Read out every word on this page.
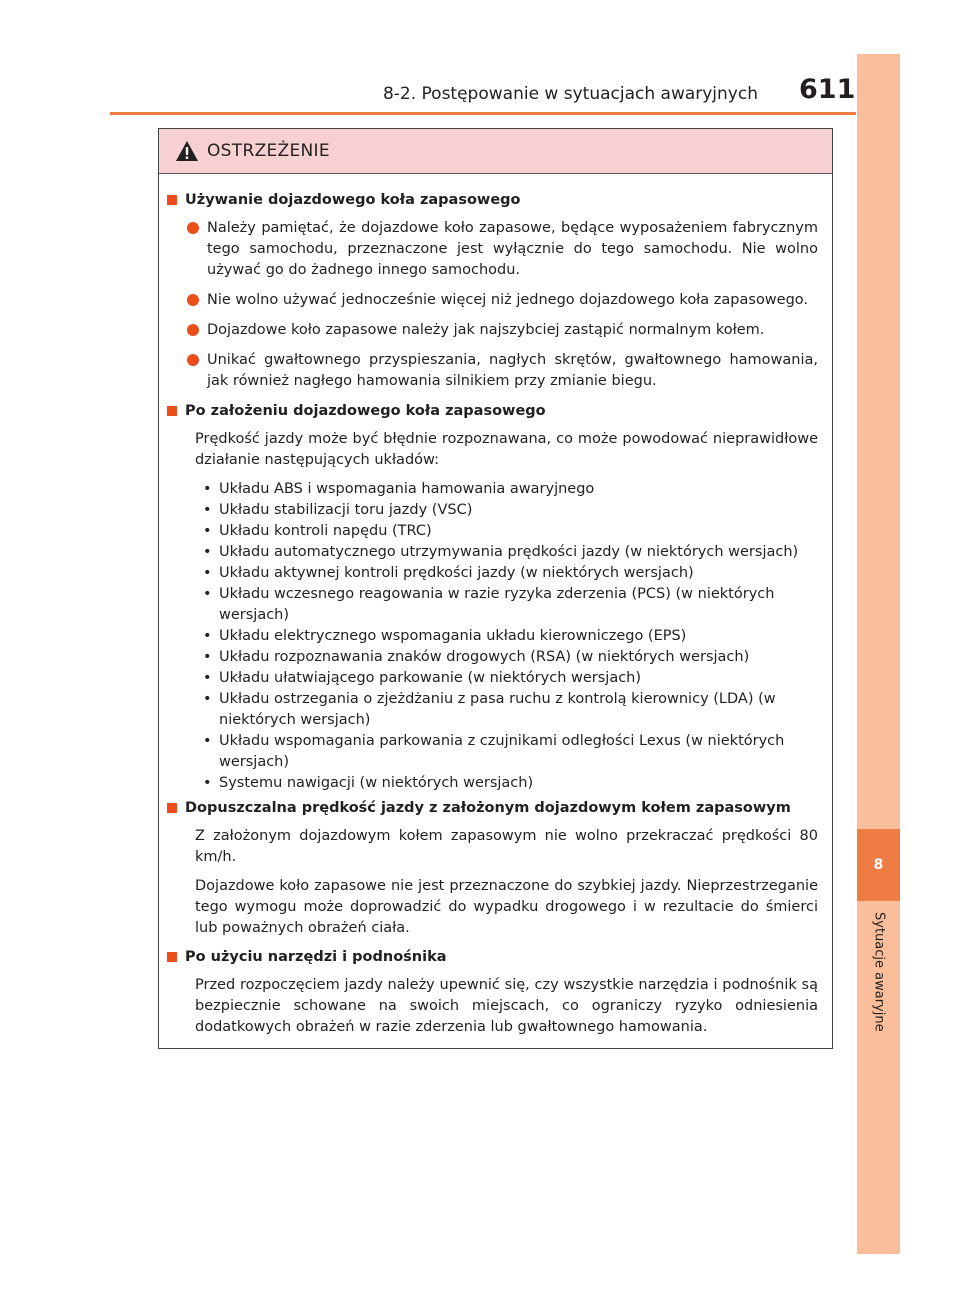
8
Sytuacje awaryjne
8-2. Postępowanie w sytuacjach awaryjnych 611
OSTRZEŻENIE
Używanie dojazdowego koła zapasowego
Należy pamiętać, że dojazdowe koło zapasowe, będące wyposażeniem fabrycznym tego samochodu, przeznaczone jest wyłącznie do tego samochodu. Nie wolno używać go do żadnego innego samochodu.
Nie wolno używać jednocześnie więcej niż jednego dojazdowego koła zapasowego.
Dojazdowe koło zapasowe należy jak najszybciej zastąpić normalnym kołem.
Unikać gwałtownego przyspieszania, nagłych skrętów, gwałtownego hamowania, jak również nagłego hamowania silnikiem przy zmianie biegu.
Po założeniu dojazdowego koła zapasowego
Prędkość jazdy może być błędnie rozpoznawana, co może powodować nieprawidłowe działanie następujących układów:
• Układu ABS i wspomagania hamowania awaryjnego
• Układu stabilizacji toru jazdy (VSC)
• Układu kontroli napędu (TRC)
• Układu automatycznego utrzymywania prędkości jazdy (w niektórych wersjach)
• Układu aktywnej kontroli prędkości jazdy (w niektórych wersjach)
• Układu wczesnego reagowania w razie ryzyka zderzenia (PCS) (w niektórych wersjach)
• Układu elektrycznego wspomagania układu kierowniczego (EPS)
• Układu rozpoznawania znaków drogowych (RSA) (w niektórych wersjach)
• Układu ułatwiającego parkowanie (w niektórych wersjach)
• Układu ostrzegania o zjeżdżaniu z pasa ruchu z kontrolą kierownicy (LDA) (w niektórych wersjach)
• Układu wspomagania parkowania z czujnikami odległości Lexus (w niektórych wersjach)
• Systemu nawigacji (w niektórych wersjach)
Dopuszczalna prędkość jazdy z założonym dojazdowym kołem zapasowym
Z założonym dojazdowym kołem zapasowym nie wolno przekraczać prędkości 80 km/h.
Dojazdowe koło zapasowe nie jest przeznaczone do szybkiej jazdy. Nieprzestrzeganie tego wymogu może doprowadzić do wypadku drogowego i w rezultacie do śmierci lub poważnych obrażeń ciała.
Po użyciu narzędzi i podnośnika
Przed rozpoczęciem jazdy należy upewnić się, czy wszystkie narzędzia i podnośnik są bezpiecznie schowane na swoich miejscach, co ograniczy ryzyko odniesienia dodatkowych obrażeń w razie zderzenia lub gwałtownego hamowania.
